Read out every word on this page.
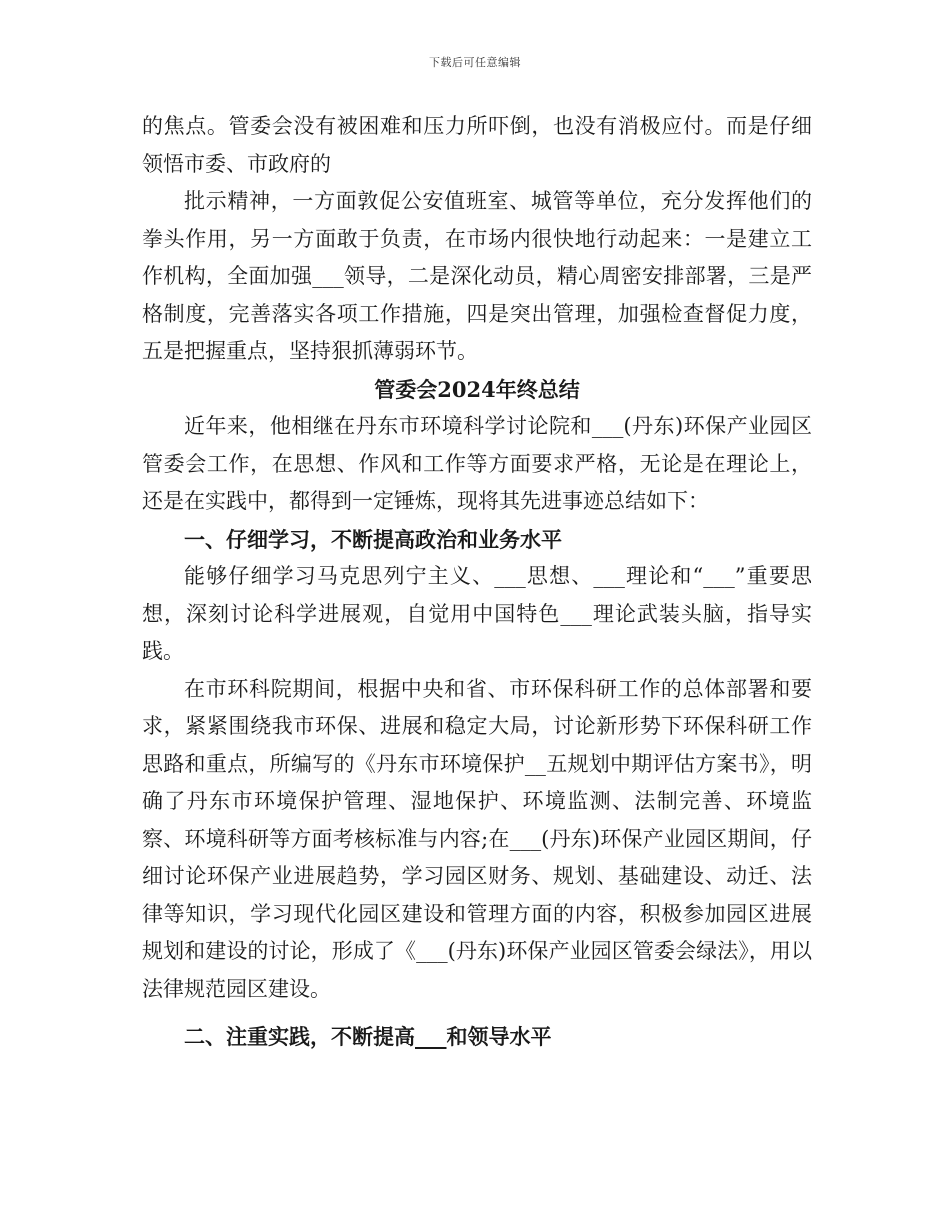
下载后可任意编辑

的焦点。管委会没有被困难和压力所吓倒，也没有消极应付。而是仔细领悟市委、市政府的

批示精神，一方面敦促公安值班室、城管等单位，充分发挥他们的拳头作用，另一方面敢于负责，在市场内很快地行动起来：一是建立工作机构，全面加强___领导，二是深化动员，精心周密安排部署，三是严格制度，完善落实各项工作措施，四是突出管理，加强检查督促力度，五是把握重点，坚持狠抓薄弱环节。

管委会2024年终总结

近年来，他相继在丹东市环境科学讨论院和___(丹东)环保产业园区管委会工作，在思想、作风和工作等方面要求严格，无论是在理论上，还是在实践中，都得到一定锤炼，现将其先进事迹总结如下：

一、仔细学习，不断提高政治和业务水平

能够仔细学习马克思列宁主义、___思想、___理论和“___”重要思想，深刻讨论科学进展观，自觉用中国特色___理论武装头脑，指导实践。

在市环科院期间，根据中央和省、市环保科研工作的总体部署和要求，紧紧围绕我市环保、进展和稳定大局，讨论新形势下环保科研工作思路和重点，所编写的《丹东市环境保护__五规划中期评估方案书》，明确了丹东市环境保护管理、湿地保护、环境监测、法制完善、环境监察、环境科研等方面考核标准与内容;在___(丹东)环保产业园区期间，仔细讨论环保产业进展趋势，学习园区财务、规划、基础建设、动迁、法律等知识，学习现代化园区建设和管理方面的内容，积极参加园区进展规划和建设的讨论，形成了《___(丹东)环保产业园区管委会绿法》，用以法律规范园区建设。

二、注重实践，不断提高___和领导水平
